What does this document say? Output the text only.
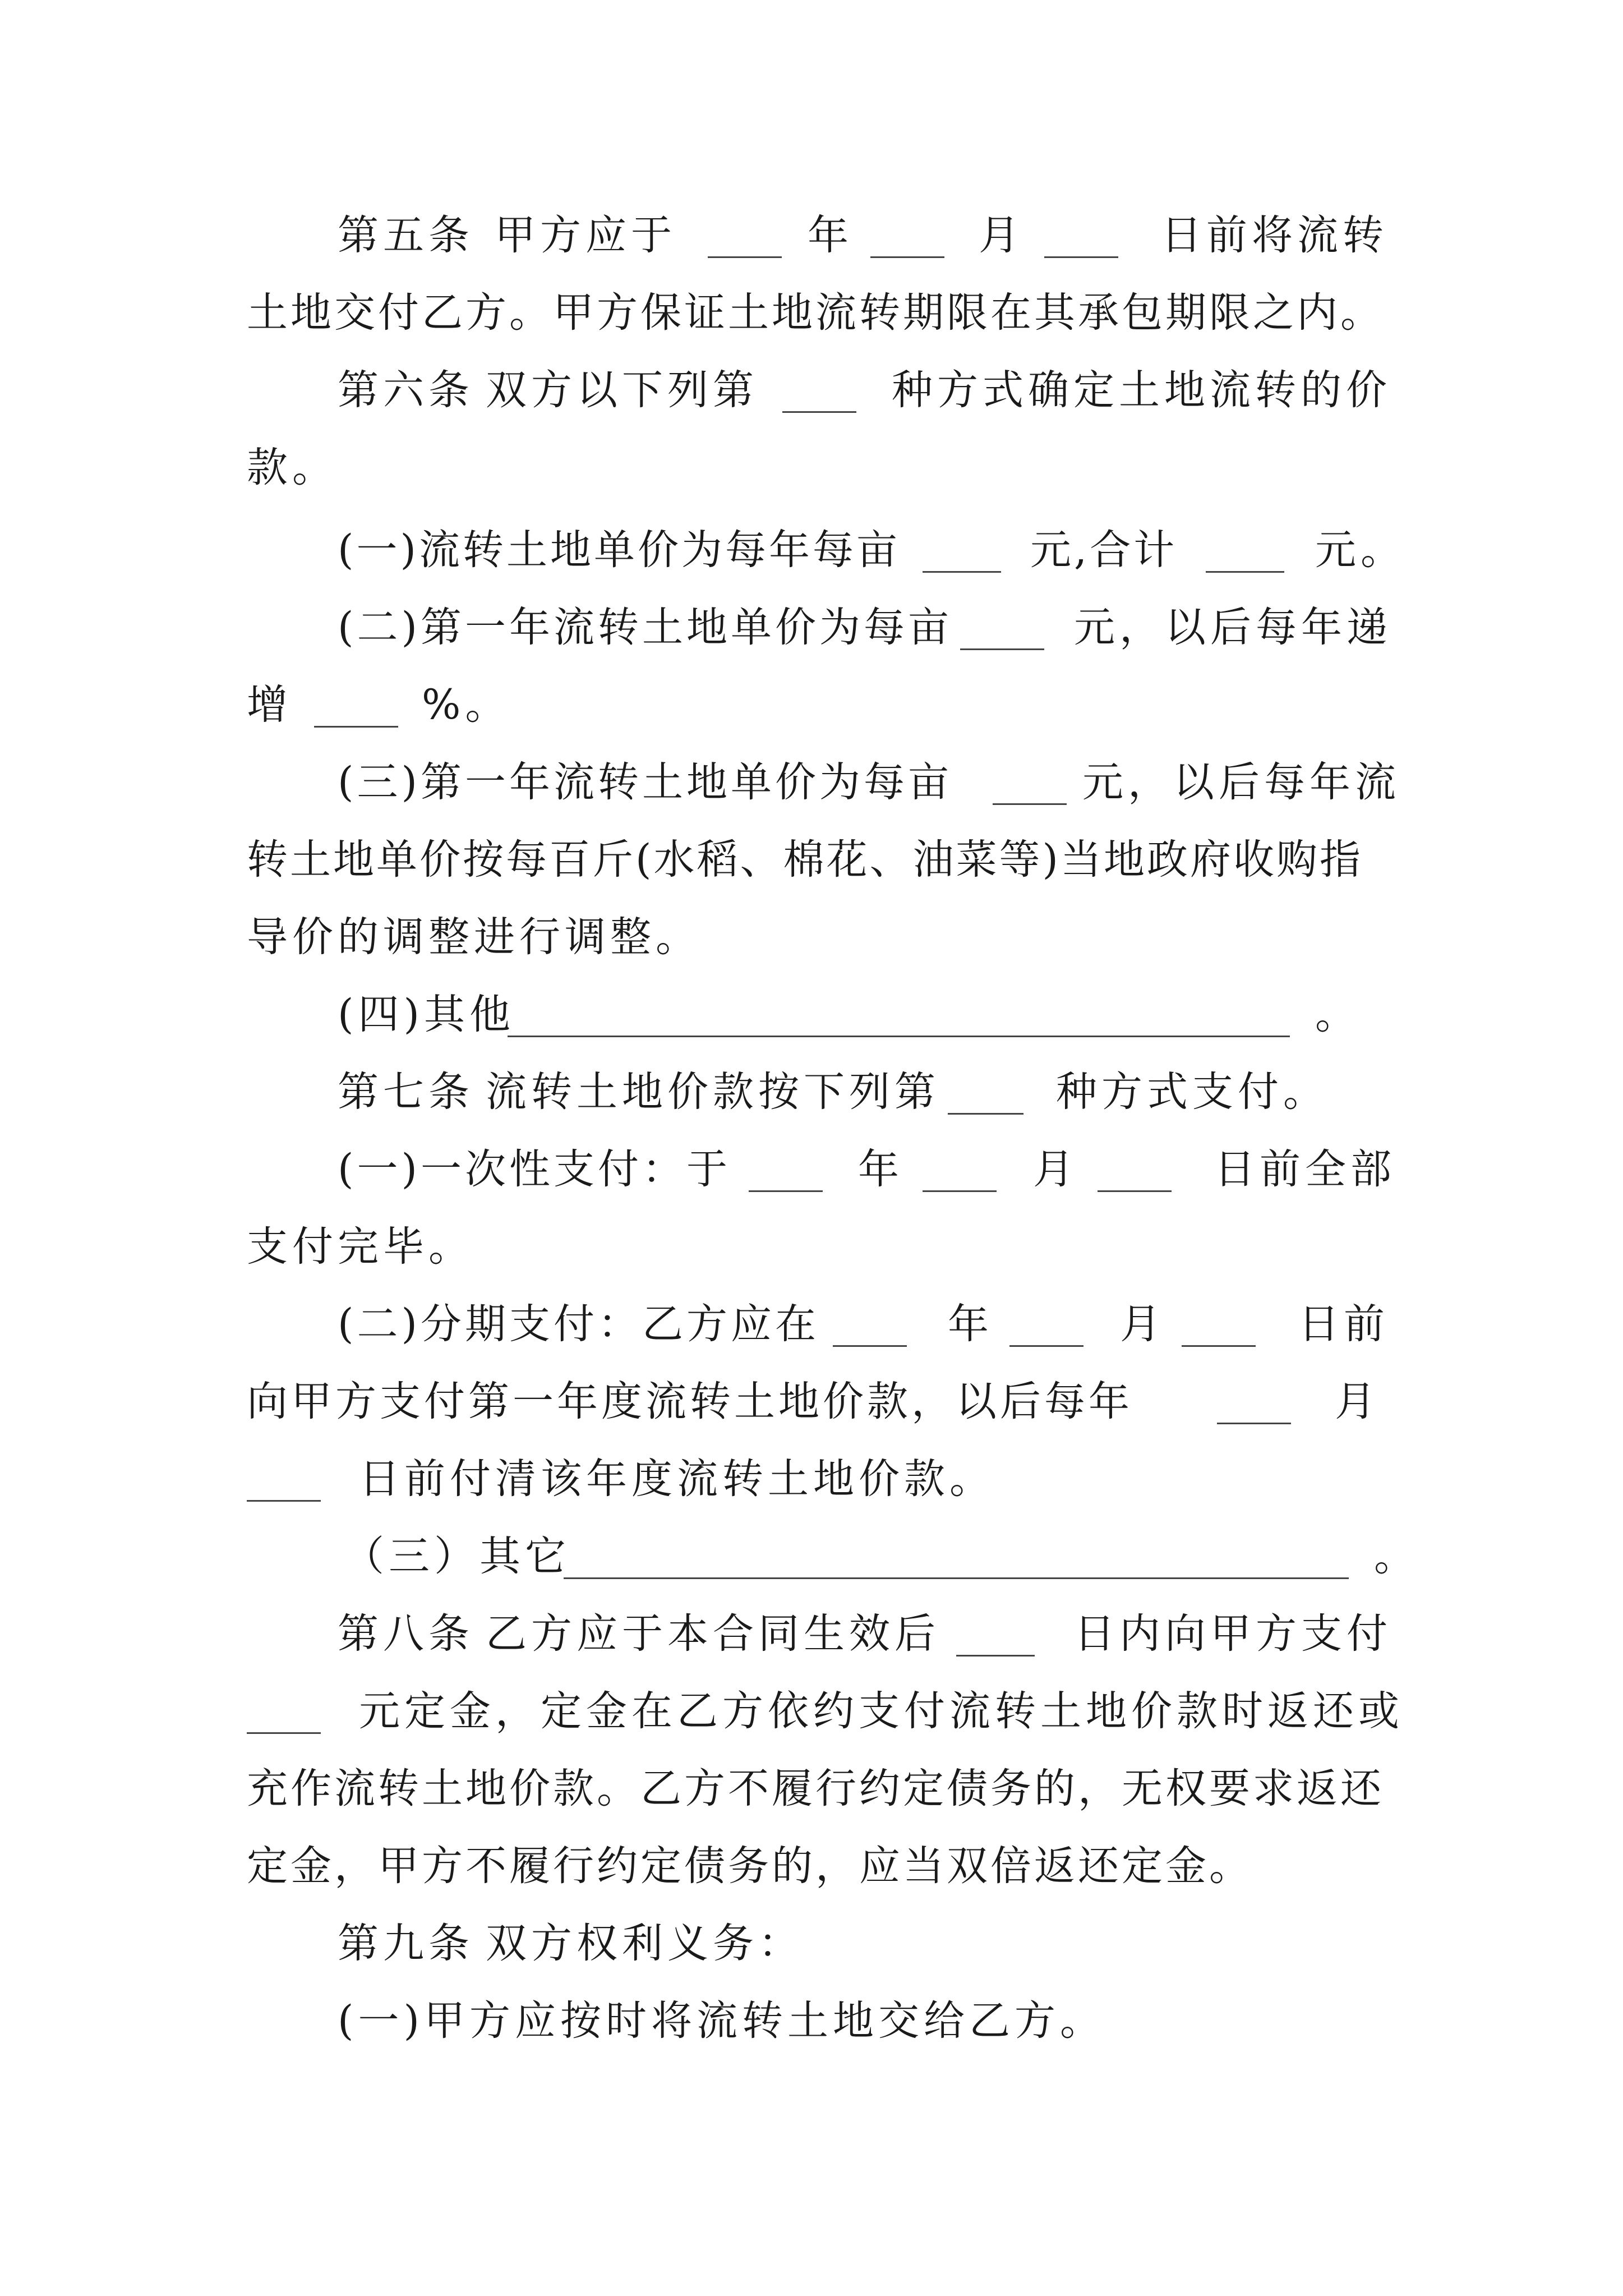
第五条 甲方应于	年	月	日前将流转
土地交付乙方。甲方保证土地流转期限在其承包期限之内。
第六条 双方以下列第	种方式确定土地流转的价
款。
(一)流转土地单价为每年每亩	元,合计	元。
(二)第一年流转土地单价为每亩	元，以后每年递
增	%。
(三)第一年流转土地单价为每亩	元，以后每年流
转土地单价按每百斤(水稻、棉花、油菜等)当地政府收购指
导价的调整进行调整。
(四)其他	。
第七条 流转土地价款按下列第	种方式支付。
(一)一次性支付：于	年	月	日前全部
支付完毕。
(二)分期支付：乙方应在	年	月	日前
向甲方支付第一年度流转土地价款，以后每年	月
日前付清该年度流转土地价款。
（三）其它	。
第八条 乙方应于本合同生效后	日内向甲方支付
元定金，定金在乙方依约支付流转土地价款时返还或
充作流转土地价款。乙方不履行约定债务的，无权要求返还
定金，甲方不履行约定债务的，应当双倍返还定金。
第九条 双方权利义务：
(一)甲方应按时将流转土地交给乙方。
